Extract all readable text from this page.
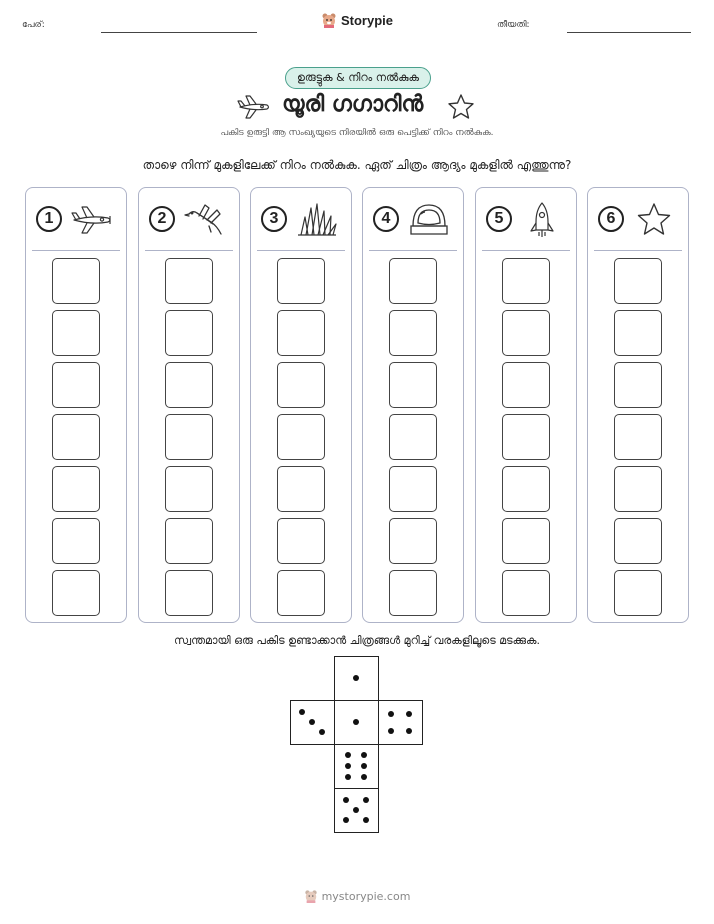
പേര്:	Storypie	തീയതി:
ഉരുട്ടുക & നിറം നൽകുക
യൂരി ഗഗാറിൻ
പകിട ഉരുട്ടി ആ സംഖ്യയുടെ നിരയിൽ ഒരു പെട്ടിക്ക് നിറം നൽകുക.
താഴെ നിന്ന് മുകളിലേക്ക് നിറം നൽകുക. ഏത് ചിത്രം ആദ്യം മുകളിൽ എത്തുന്നു?
1	2	3	4	5	6
സ്വന്തമായി ഒരു പകിട ഉണ്ടാക്കാൻ ചിത്രങ്ങൾ മുറിച്ച് വരകളിലൂടെ മടക്കുക.
mystorypie.com
